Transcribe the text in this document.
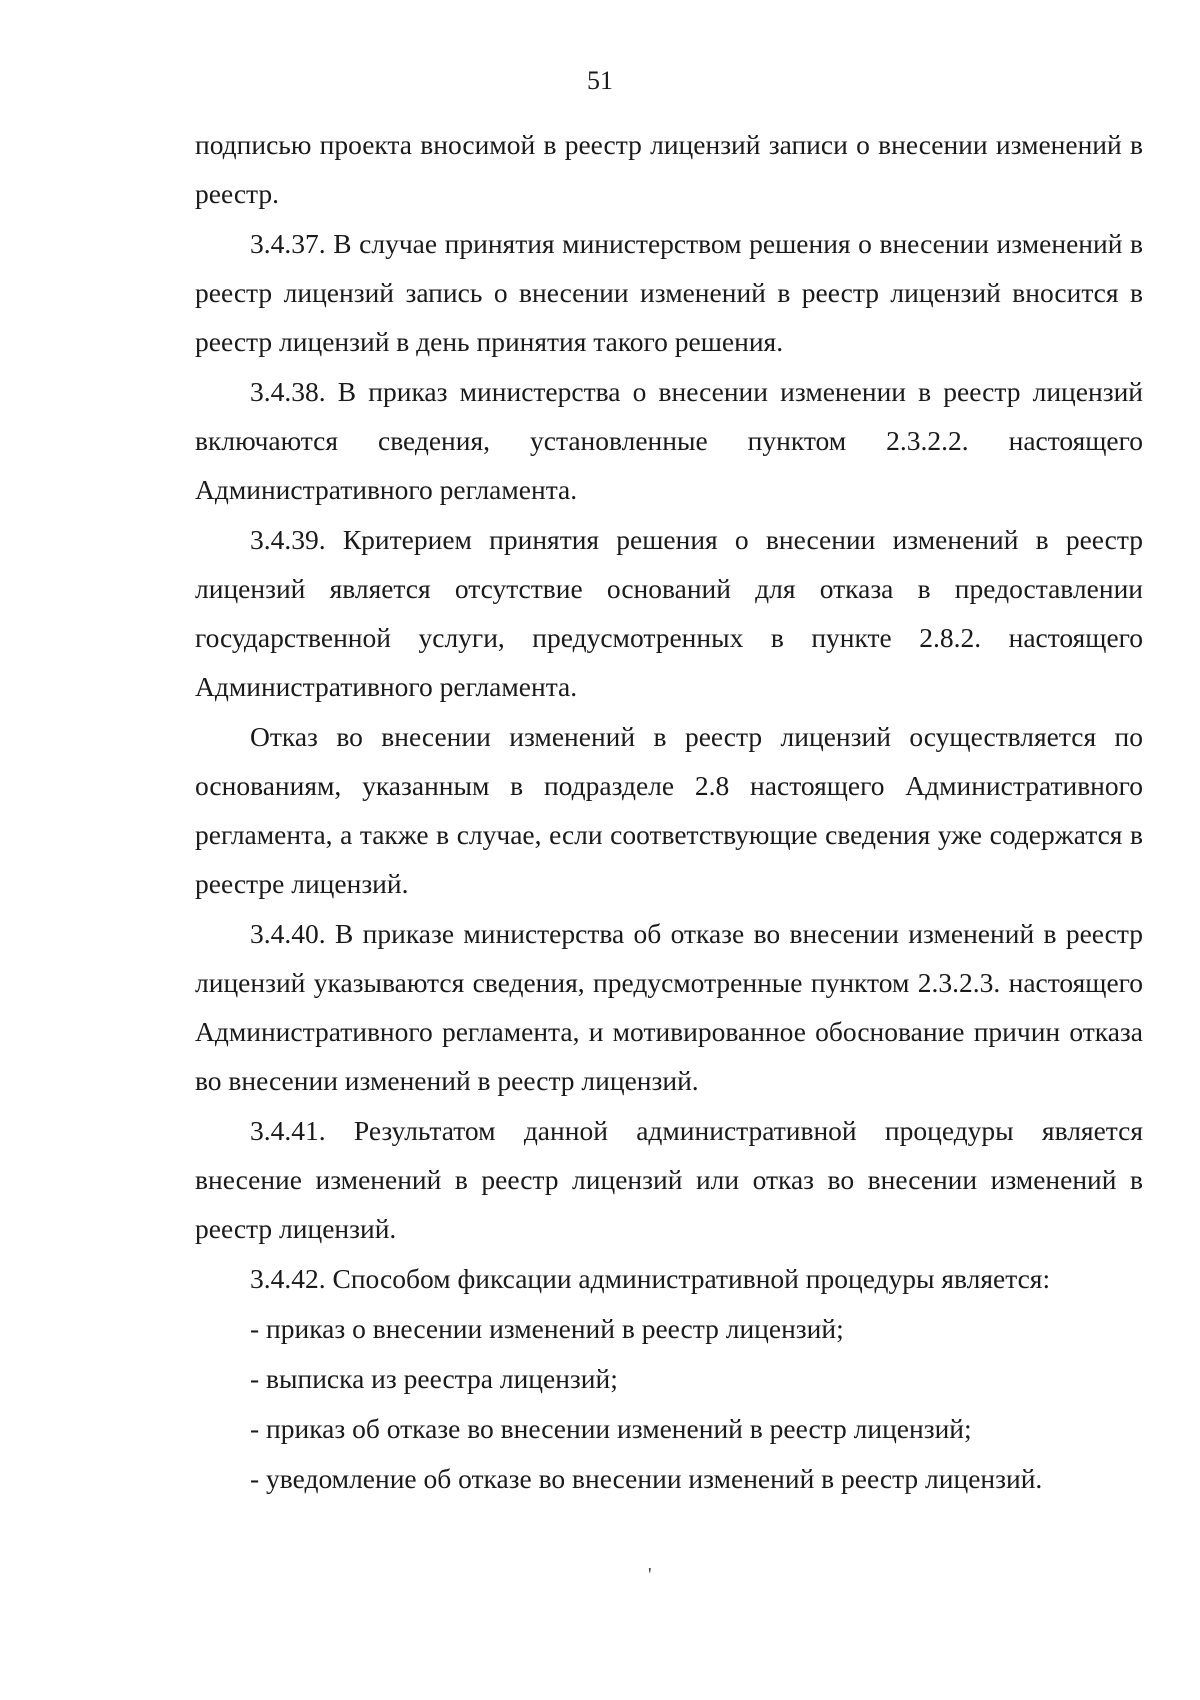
51

подписью проекта вносимой в реестр лицензий записи о внесении изменений в реестр.

3.4.37. В случае принятия министерством решения о внесении изменений в реестр лицензий запись о внесении изменений в реестр лицензий вносится в реестр лицензий в день принятия такого решения.

3.4.38. В приказ министерства о внесении изменении в реестр лицензий включаются сведения, установленные пунктом 2.3.2.2. настоящего Административного регламента.

3.4.39. Критерием принятия решения о внесении изменений в реестр лицензий является отсутствие оснований для отказа в предоставлении государственной услуги, предусмотренных в пункте 2.8.2. настоящего Административного регламента.

Отказ во внесении изменений в реестр лицензий осуществляется по основаниям, указанным в подразделе 2.8 настоящего Административного регламента, а также в случае, если соответствующие сведения уже содержатся в реестре лицензий.

3.4.40. В приказе министерства об отказе во внесении изменений в реестр лицензий указываются сведения, предусмотренные пунктом 2.3.2.3. настоящего Административного регламента, и мотивированное обоснование причин отказа во внесении изменений в реестр лицензий.

3.4.41. Результатом данной административной процедуры является внесение изменений в реестр лицензий или отказ во внесении изменений в реестр лицензий.

3.4.42. Способом фиксации административной процедуры является:

- приказ о внесении изменений в реестр лицензий;

- выписка из реестра лицензий;

- приказ об отказе во внесении изменений в реестр лицензий;

- уведомление об отказе во внесении изменений в реестр лицензий.

'
